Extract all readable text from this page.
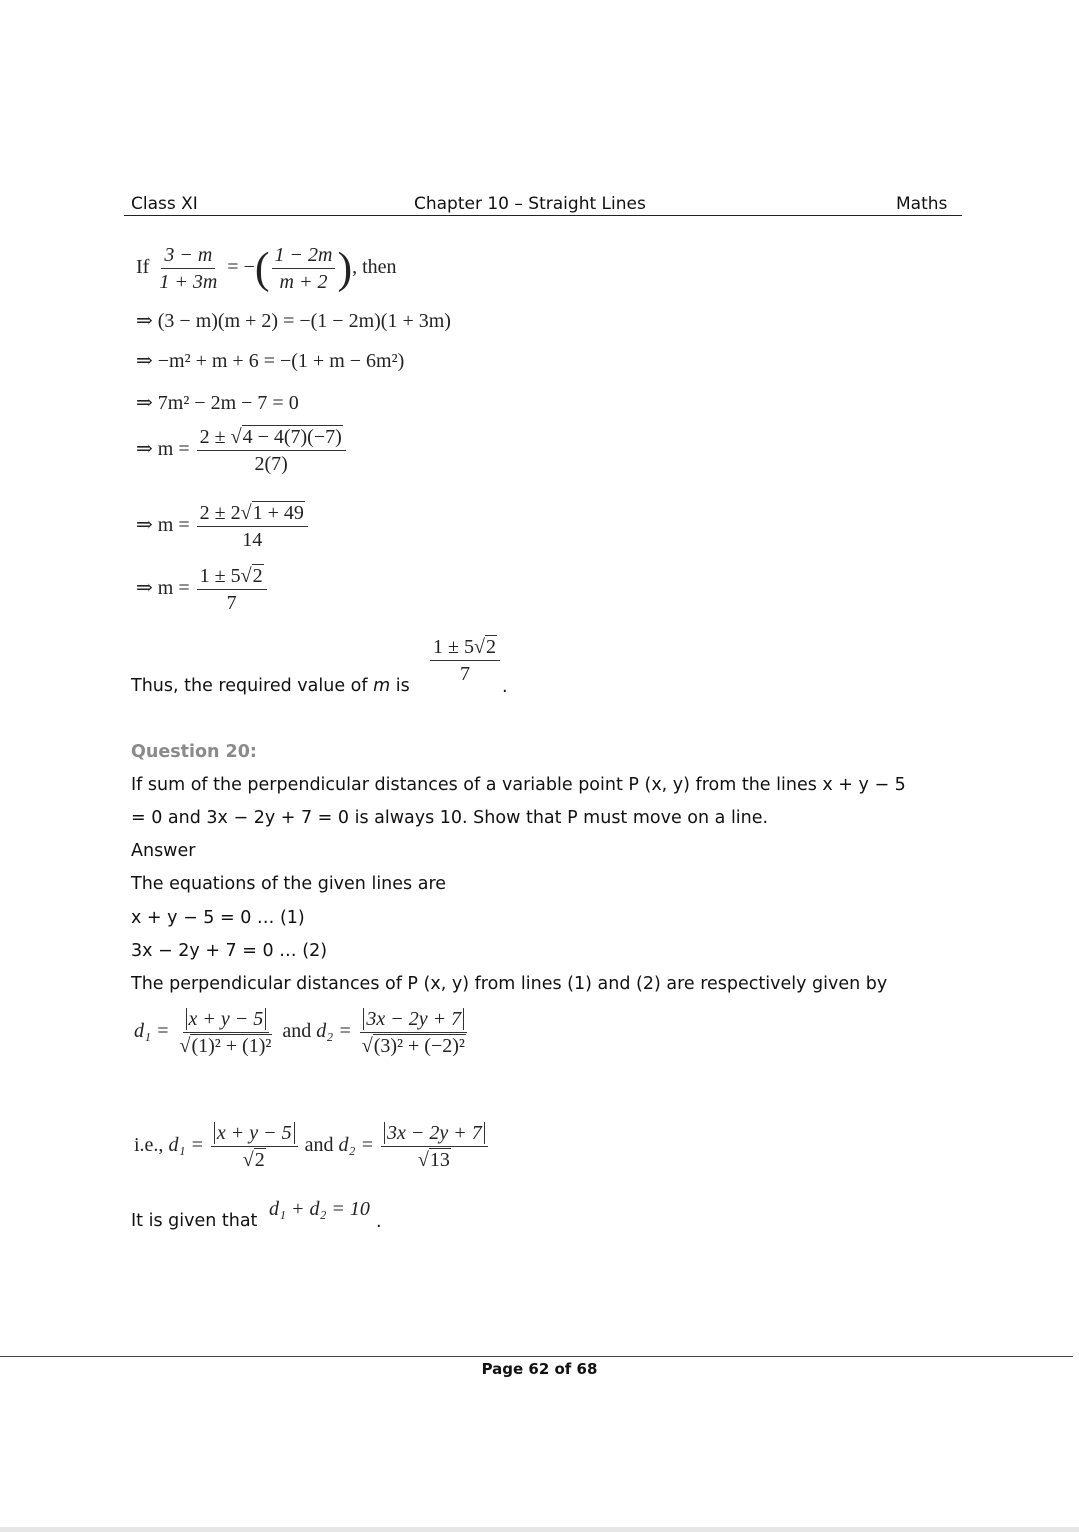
Class XI	Chapter 10 – Straight Lines	Maths
If $\frac{3 - m}{1 + 3m}$ = −( $\frac{1 - 2m}{m + 2}$ ), then
⇒ (3 − m)(m + 2) = −(1 − 2m)(1 + 3m)
⇒ −m² + m + 6 = −(1 + m − 6m²)
⇒ 7m² − 2m − 7 = 0
⇒ $m = \frac{2 \pm √4 - 4(7)(-7)}{2(7)}$
⇒ $m = \frac{2 \pm 2√1 + 49}{14}$
⇒ $m = \frac{1 \pm 5√2}{7}$
Thus, the required value of m is
$\frac{1 \pm 5√2}{7}$
.
Question 20:
If sum of the perpendicular distances of a variable point P (x, y) from the lines x + y − 5
= 0 and 3x − 2y + 7 = 0 is always 10. Show that P must move on a line.
Answer
The equations of the given lines are
x + y − 5 = 0 … (1)
3x − 2y + 7 = 0 … (2)
The perpendicular distances of P (x, y) from lines (1) and (2) are respectively given by
$d_1 = \frac{x + y - 5}{\text{√(1)² + (1)²}}$ and $d_2 = \frac{3x - 2y + 7}{\text{√(3)² + (−2)²}}$
i.e., $d_1 = \frac{x + y - 5}{√2}$ and $d_2 = \frac{3x - 2y + 7}{√13}$
It is given that
d₁ + d₂ = 10
.
Page 62 of 68
